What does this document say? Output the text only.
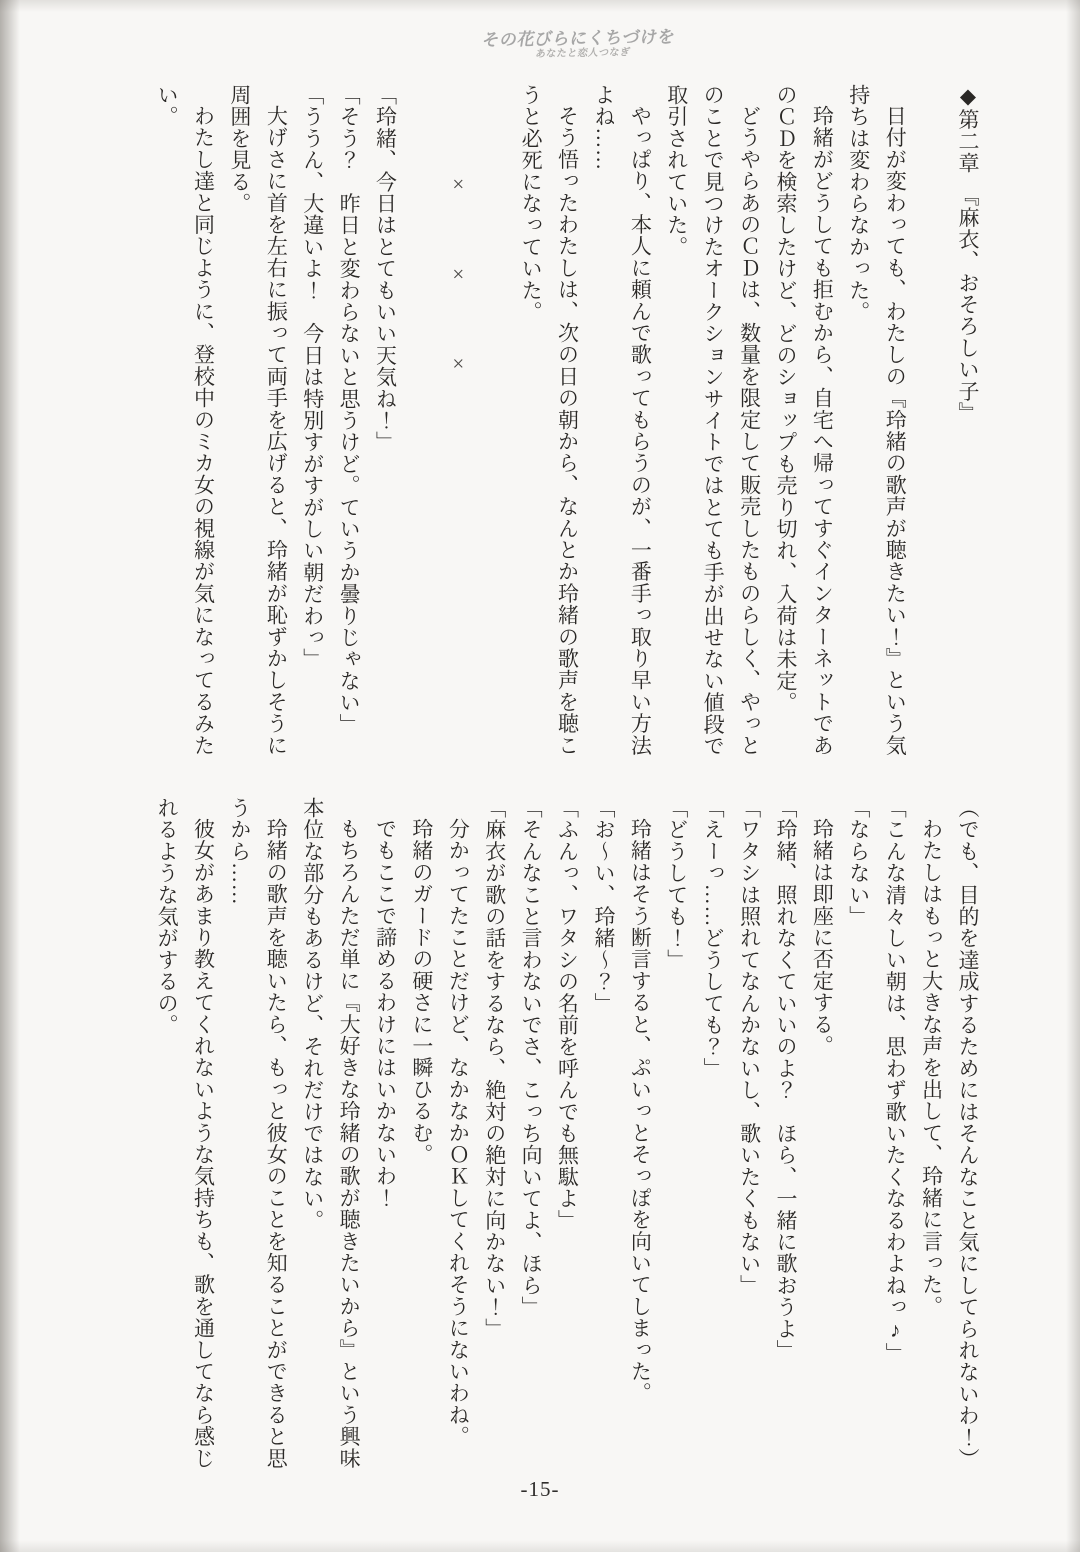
その花びらにくちづけを
あなたと恋人つなぎ

◆第二章　『麻衣、おそろしい子』

日付が変わっても、わたしの『玲緒の歌声が聴きたい！』という気持ちは変わらなかった。

玲緒がどうしても拒むから、自宅へ帰ってすぐインターネットであのＣＤを検索したけど、どのショップも売り切れ、入荷は未定。

どうやらあのＣＤは、数量を限定して販売したものらしく、やっとのことで見つけたオークションサイトではとても手が出せない値段で取引されていた。

やっぱり、本人に頼んで歌ってもらうのが、一番手っ取り早い方法よね……

そう悟ったわたしは、次の日の朝から、なんとか玲緒の歌声を聴こうと必死になっていた。

×　　　×　　　×

「玲緒、今日はとてもいい天気ね！」

「そう？　昨日と変わらないと思うけど。ていうか曇りじゃない」

「ううん、大違いよ！　今日は特別すがすがしい朝だわっ」

大げさに首を左右に振って両手を広げると、玲緒が恥ずかしそうに周囲を見る。

わたし達と同じように、登校中のミカ女の視線が気になってるみたい。

（でも、目的を達成するためにはそんなこと気にしてられないわ！）

わたしはもっと大きな声を出して、玲緒に言った。

「こんな清々しい朝は、思わず歌いたくなるわよねっ♪」

「ならない」

玲緒は即座に否定する。

「玲緒、照れなくていいのよ？　ほら、一緒に歌おうよ」

「ワタシは照れてなんかないし、歌いたくもない」

「えーっ……どうしても？」

「どうしても！」

玲緒はそう断言すると、ぷいっとそっぽを向いてしまった。

「お～い、玲緒～？」

「ふんっ、ワタシの名前を呼んでも無駄よ」

「そんなこと言わないでさ、こっち向いてよ、ほら」

「麻衣が歌の話をするなら、絶対の絶対に向かない！」

分かってたことだけど、なかなかＯＫしてくれそうにないわね。

玲緒のガードの硬さに一瞬ひるむ。

でもここで諦めるわけにはいかないわ！

もちろんただ単に『大好きな玲緒の歌が聴きたいから』という興味本位な部分もあるけど、それだけではない。

玲緒の歌声を聴いたら、もっと彼女のことを知ることができると思うから……

彼女があまり教えてくれないような気持ちも、歌を通してなら感じれるような気がするの。

-15-
